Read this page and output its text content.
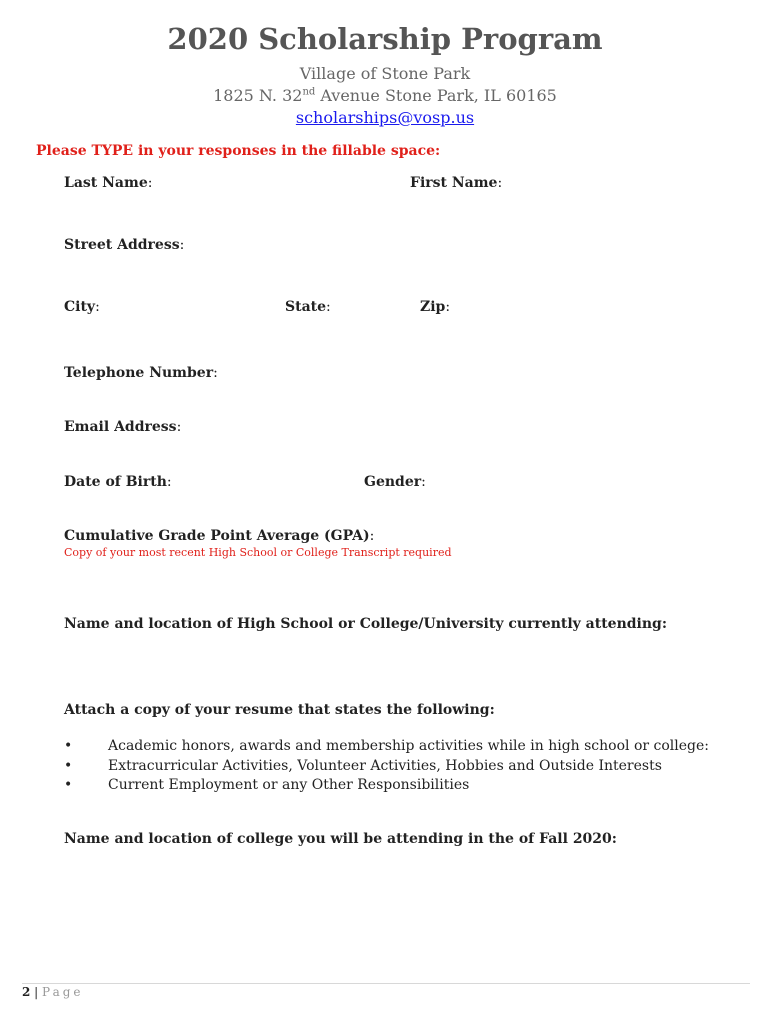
2020 Scholarship Program
Village of Stone Park
1825 N. 32nd Avenue Stone Park, IL 60165
scholarships@vosp.us
Please TYPE in your responses in the fillable space:
Last Name:	First Name:
Street Address:
City:	State:	Zip:
Telephone Number:
Email Address:
Date of Birth:	Gender:
Cumulative Grade Point Average (GPA):
Copy of your most recent High School or College Transcript required
Name and location of High School or College/University currently attending:
Attach a copy of your resume that states the following:
•	Academic honors, awards and membership activities while in high school or college:
•	Extracurricular Activities, Volunteer Activities, Hobbies and Outside Interests
•	Current Employment or any Other Responsibilities
Name and location of college you will be attending in the of Fall 2020:
2 | Page
